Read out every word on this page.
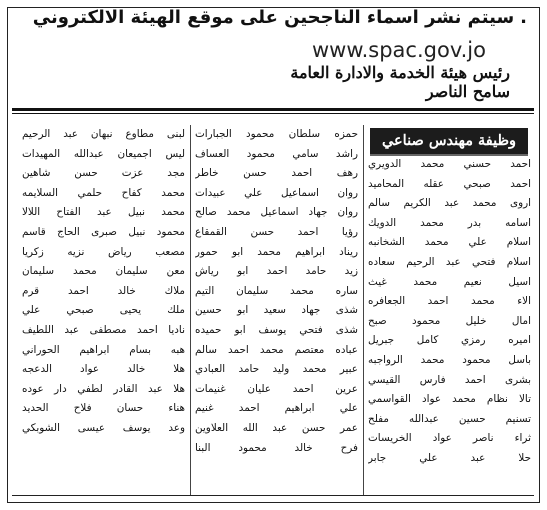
.سيتم نشر اسماء الناجحين على موقع الهيئة الالكتروني
www.spac.gov.jo
رئيس هيئة الخدمة والادارة العامة
سامح الناصر

احمد حسني محمد الدويري
احمد صبحي عقله المحاميد
اروى محمد عبد الكريم سالم
اسامه بدر محمد الدويك
اسلام علي محمد الشخانبه
اسلام فتحي عبد الرحيم سعاده
اسيل نعيم محمد غيث
الاء محمد احمد الجعافره
امال خليل محمود صبح
اميره رمزي كامل جبريل
باسل محمود محمد الرواجبه
بشرى احمد فارس القيسي
تالا نظام محمد عواد القواسمي
تسنيم حسين عبدالله مفلح
ثراء ناصر عواد الخريسات
حلا عبد علي جابر
وظيفة مهندس صناعي
حمزه سلطان محمود الجبارات
راشد سامي محمود العساف
رهف احمد حسن خاطر
روان اسماعيل علي عبيدات
روان جهاد اسماعيل محمد صالح
رؤيا احمد حسن القمقاع
ريناد ابراهيم محمد ابو حمور
زيد حامد احمد ابو رياش
ساره محمد سليمان التيم
شذى جهاد سعيد ابو حسين
شذى فتحي يوسف ابو حميده
عباده معتصم محمد احمد سالم
عبير محمد وليد حامد العبادي
عرين احمد عليان غنيمات
علي ابراهيم احمد غنيم
عمر حسن عبد الله العلاوين
فرح خالد محمود البنا
لبنى مطاوع نبهان عبد الرحيم
ليس اجميعان عبدالله المهيدات
مجد عزت حسن شاهين
محمد كفاح حلمي السلايمه
محمد نبيل عبد الفتاح اللالا
محمود نبيل صبرى الحاج قاسم
مصعب رياض نزيه زكريا
معن سليمان محمد سليمان
ملاك خالد احمد قرم
ملك يحيى صبحي علي
ناديا احمد مصطفى عبد اللطيف
هبه بسام ابراهيم الحوراني
هلا خالد عواد الدعجه
هلا عبد القادر لطفي دار عوده
هناء حسان فلاح الحديد
وعد يوسف عيسى الشوبكي
